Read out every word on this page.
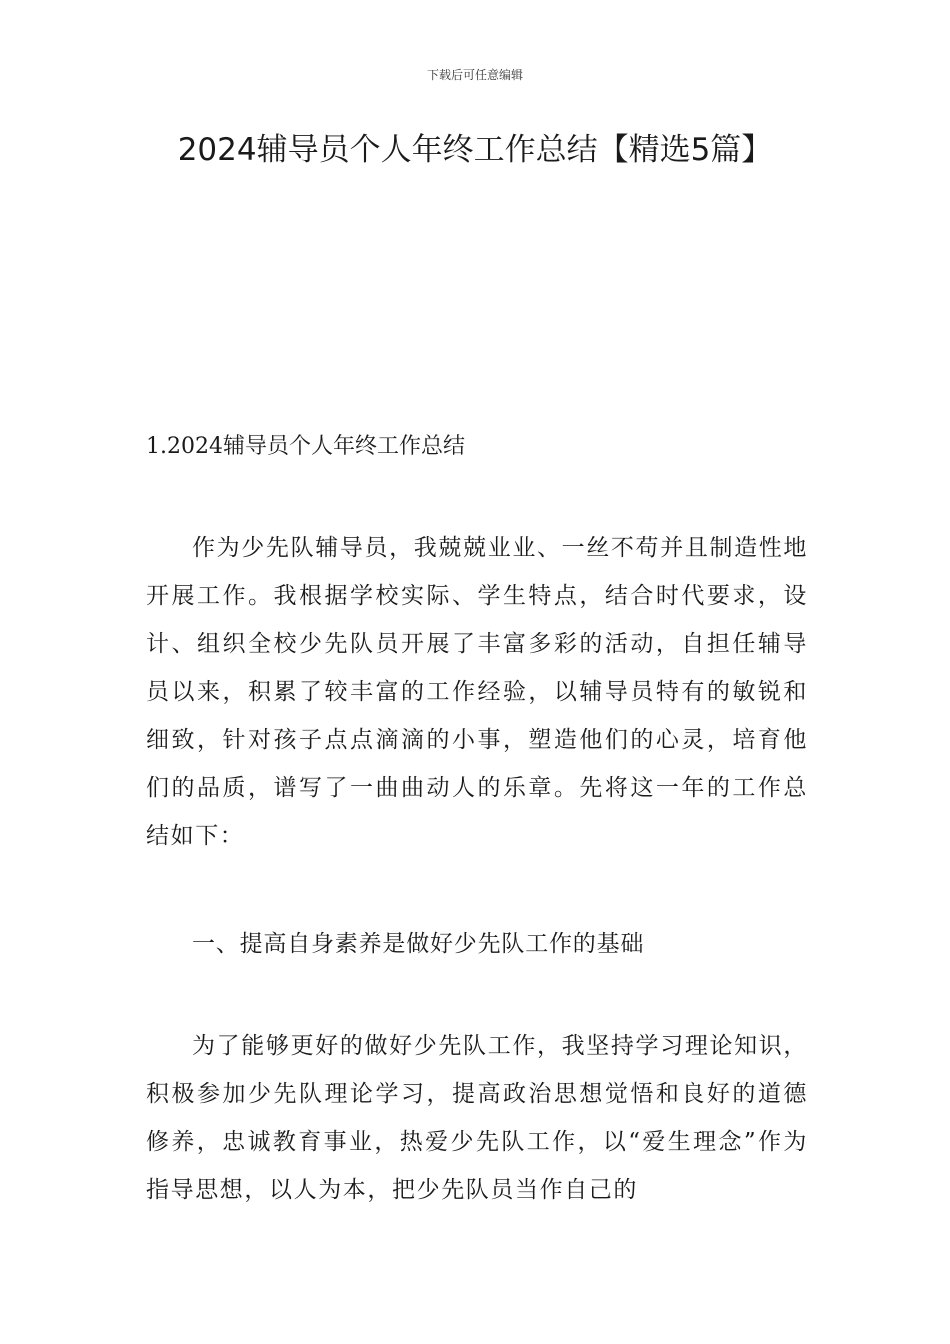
下载后可任意编辑
2024辅导员个人年终工作总结【精选5篇】

1.2024辅导员个人年终工作总结

作为少先队辅导员，我兢兢业业、一丝不苟并且制造性地开展工作。我根据学校实际、学生特点，结合时代要求，设计、组织全校少先队员开展了丰富多彩的活动，自担任辅导员以来，积累了较丰富的工作经验，以辅导员特有的敏锐和细致，针对孩子点点滴滴的小事，塑造他们的心灵，培育他们的品质，谱写了一曲曲动人的乐章。先将这一年的工作总结如下：

一、提高自身素养是做好少先队工作的基础

为了能够更好的做好少先队工作，我坚持学习理论知识，积极参加少先队理论学习，提高政治思想觉悟和良好的道德修养，忠诚教育事业，热爱少先队工作，以“爱生理念”作为指导思想，以人为本，把少先队员当作自己的
